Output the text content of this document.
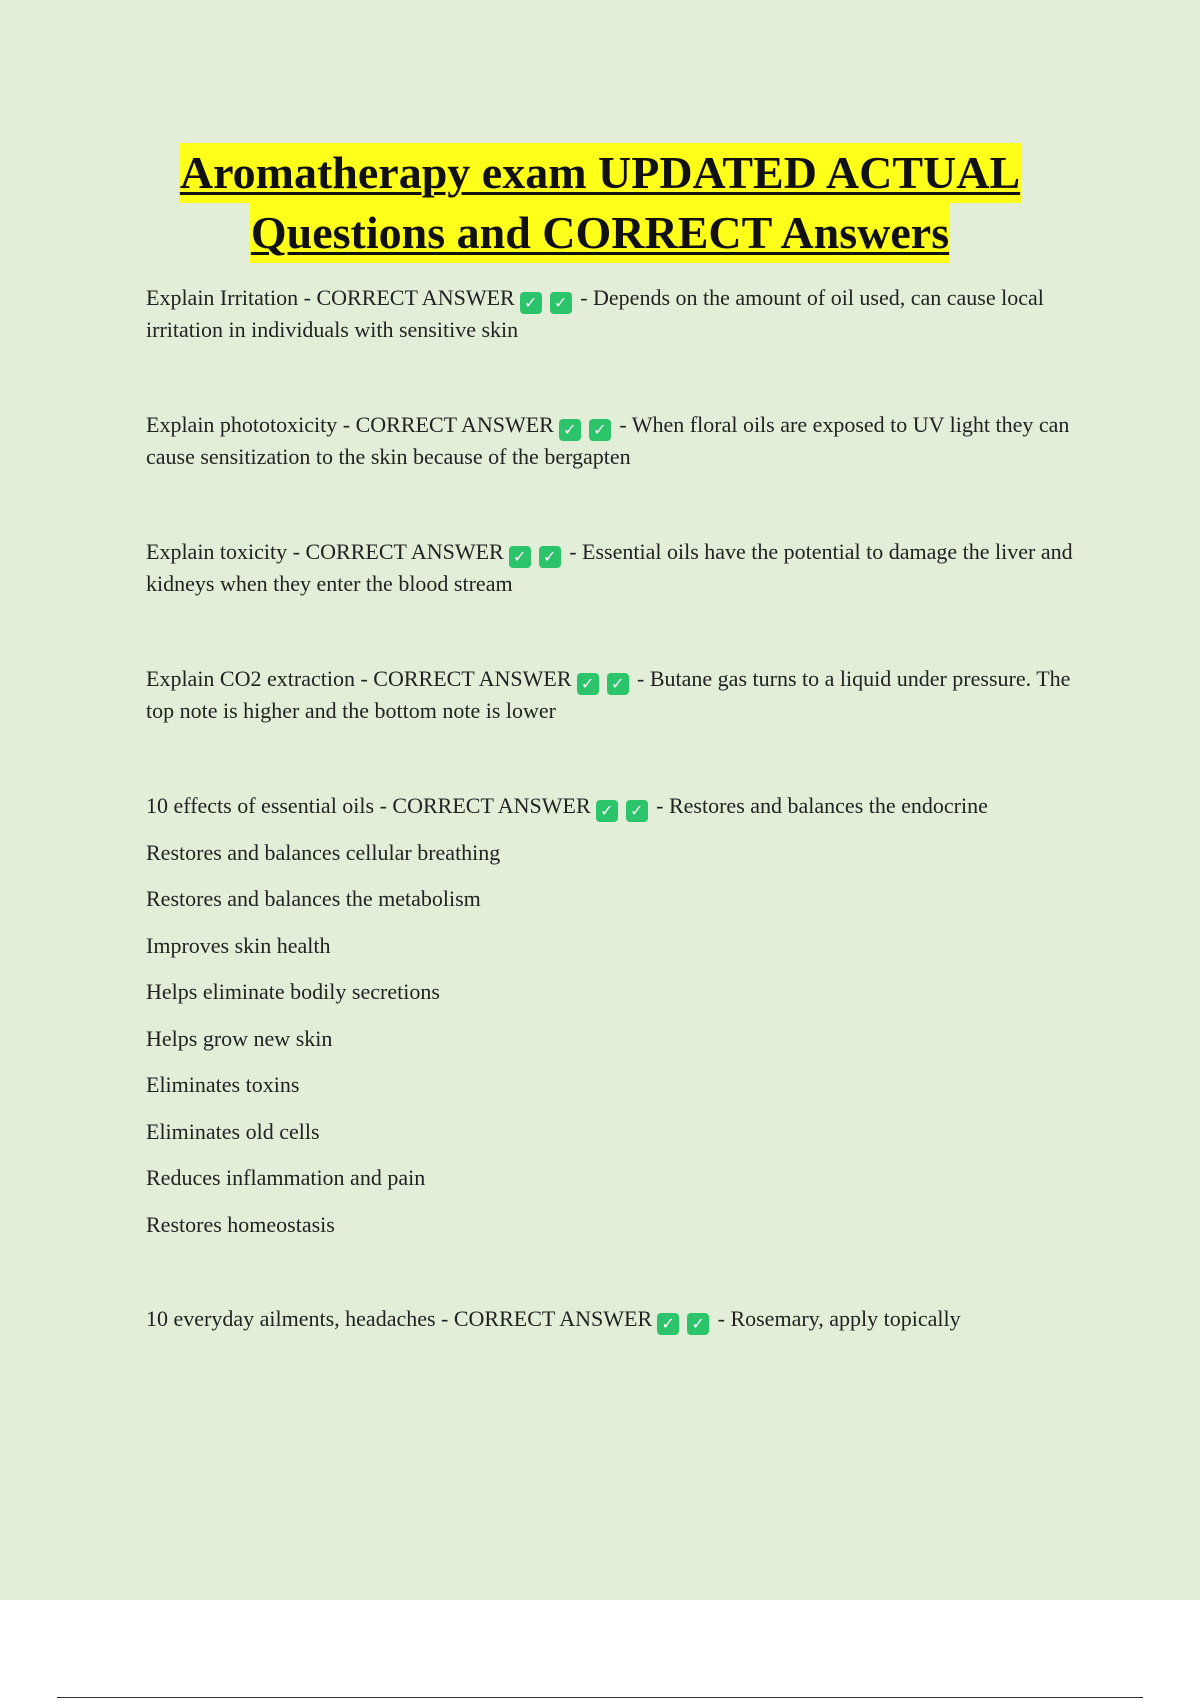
Aromatherapy exam UPDATED ACTUAL
Questions and CORRECT Answers

Explain Irritation - CORRECT ANSWER ✓ ✓ - Depends on the amount of oil used, can cause local irritation in individuals with sensitive skin

Explain phototoxicity - CORRECT ANSWER ✓ ✓ - When floral oils are exposed to UV light they can cause sensitization to the skin because of the bergapten

Explain toxicity - CORRECT ANSWER ✓ ✓ - Essential oils have the potential to damage the liver and kidneys when they enter the blood stream

Explain CO2 extraction - CORRECT ANSWER ✓ ✓ - Butane gas turns to a liquid under pressure. The top note is higher and the bottom note is lower

10 effects of essential oils - CORRECT ANSWER ✓ ✓ - Restores and balances the endocrine
Restores and balances cellular breathing
Restores and balances the metabolism
Improves skin health
Helps eliminate bodily secretions
Helps grow new skin
Eliminates toxins
Eliminates old cells
Reduces inflammation and pain
Restores homeostasis

10 everyday ailments, headaches - CORRECT ANSWER ✓ ✓ - Rosemary, apply topically
